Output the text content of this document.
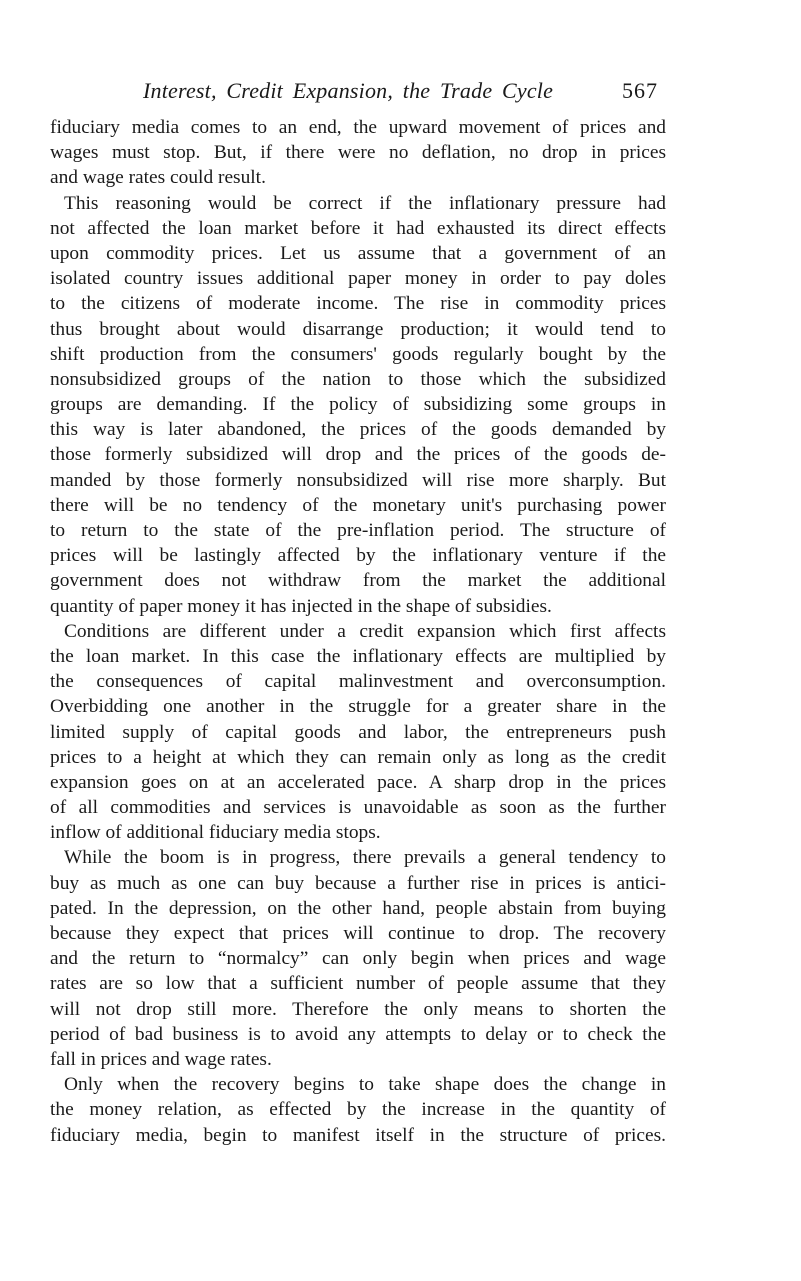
Interest, Credit Expansion, the Trade Cycle	567
fiduciary media comes to an end, the upward movement of prices and
wages must stop. But, if there were no deflation, no drop in prices
and wage rates could result.
This reasoning would be correct if the inflationary pressure had
not affected the loan market before it had exhausted its direct effects
upon commodity prices. Let us assume that a government of an
isolated country issues additional paper money in order to pay doles
to the citizens of moderate income. The rise in commodity prices
thus brought about would disarrange production; it would tend to
shift production from the consumers' goods regularly bought by the
nonsubsidized groups of the nation to those which the subsidized
groups are demanding. If the policy of subsidizing some groups in
this way is later abandoned, the prices of the goods demanded by
those formerly subsidized will drop and the prices of the goods de-
manded by those formerly nonsubsidized will rise more sharply. But
there will be no tendency of the monetary unit's purchasing power
to return to the state of the pre-inflation period. The structure of
prices will be lastingly affected by the inflationary venture if the
government does not withdraw from the market the additional
quantity of paper money it has injected in the shape of subsidies.
Conditions are different under a credit expansion which first affects
the loan market. In this case the inflationary effects are multiplied by
the consequences of capital malinvestment and overconsumption.
Overbidding one another in the struggle for a greater share in the
limited supply of capital goods and labor, the entrepreneurs push
prices to a height at which they can remain only as long as the credit
expansion goes on at an accelerated pace. A sharp drop in the prices
of all commodities and services is unavoidable as soon as the further
inflow of additional fiduciary media stops.
While the boom is in progress, there prevails a general tendency to
buy as much as one can buy because a further rise in prices is antici-
pated. In the depression, on the other hand, people abstain from buying
because they expect that prices will continue to drop. The recovery
and the return to “normalcy” can only begin when prices and wage
rates are so low that a sufficient number of people assume that they
will not drop still more. Therefore the only means to shorten the
period of bad business is to avoid any attempts to delay or to check the
fall in prices and wage rates.
Only when the recovery begins to take shape does the change in
the money relation, as effected by the increase in the quantity of
fiduciary media, begin to manifest itself in the structure of prices.
